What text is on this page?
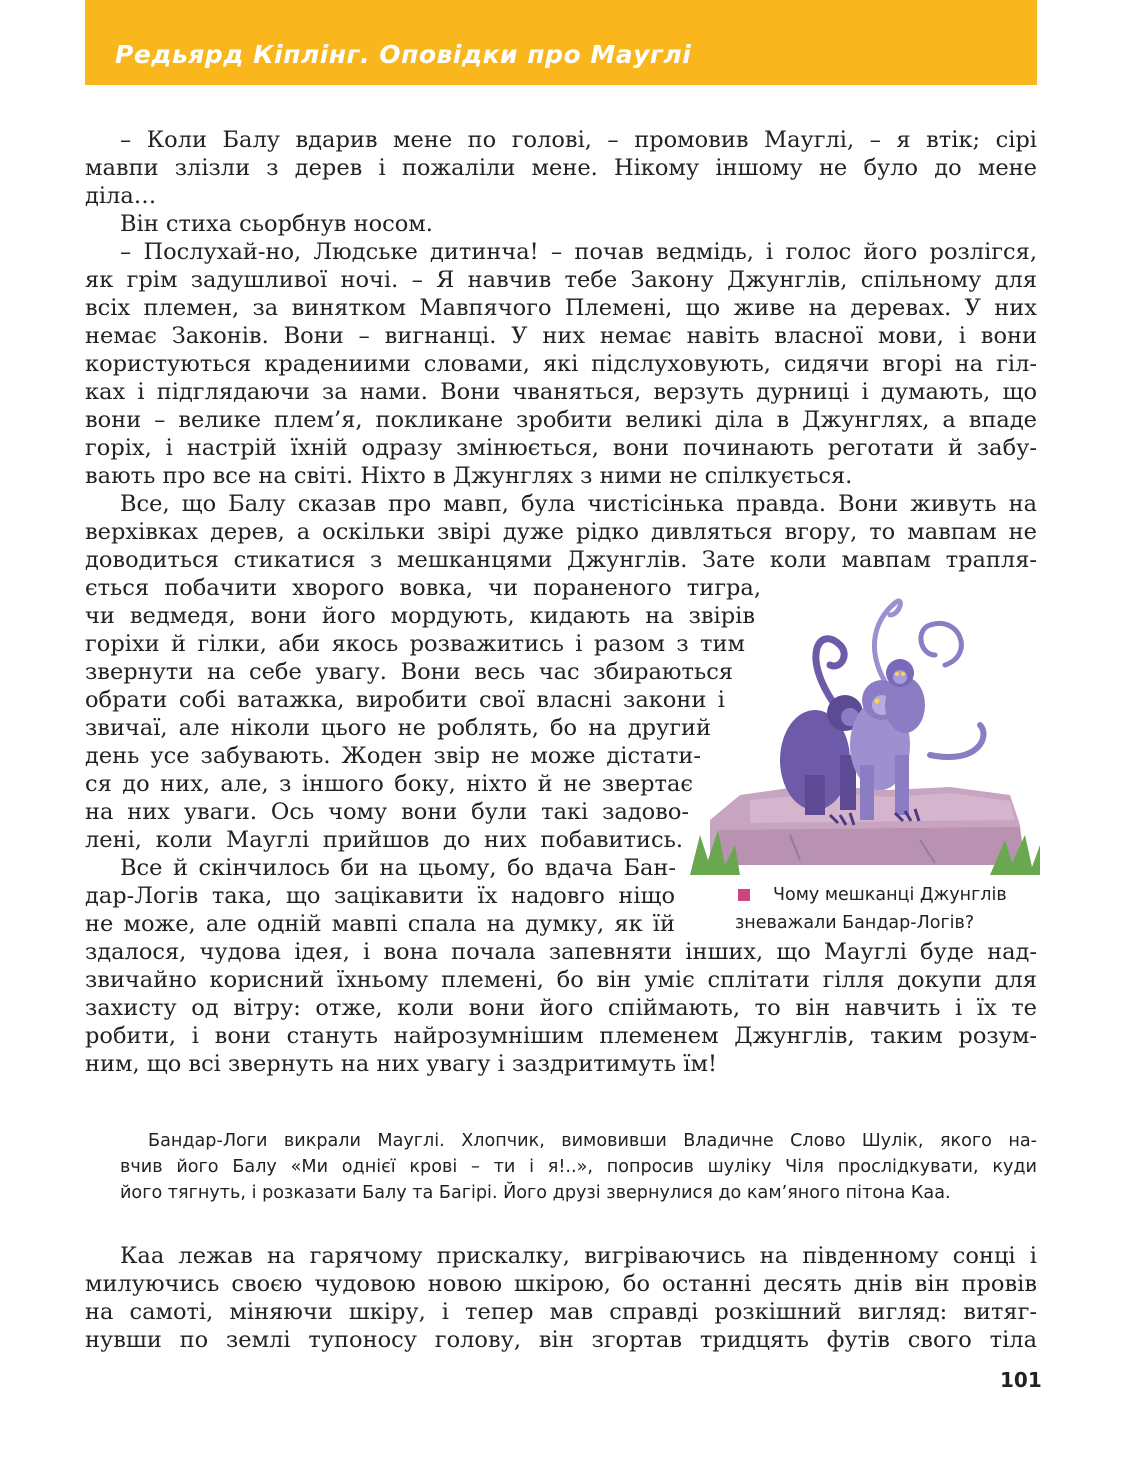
Редьярд Кіплінг. Оповідки про Мауглі
– Коли Балу вдарив мене по голові, – промовив Мауглі, – я втік; сірі
мавпи злізли з дерев і пожаліли мене. Нікому іншому не було до мене
діла…
Він стиха сьорбнув носом.
– Послухай-но, Людське дитинча! – почав ведмідь, і голос його розлігся,
як грім задушливої ночі. – Я навчив тебе Закону Джунглів, спільному для
всіх племен, за винятком Мавпячого Племені, що живе на деревах. У них
немає Законів. Вони – вигнанці. У них немає навіть власної мови, і вони
користуються крадениими словами, які підслуховують, сидячи вгорі на гіл-
ках і підглядаючи за нами. Вони чваняться, верзуть дурниці і думають, що
вони – велике плем’я, покликане зробити великі діла в Джунглях, а впаде
горіх, і настрій їхній одразу змінюється, вони починають реготати й забу-
вають про все на світі. Ніхто в Джунглях з ними не спілкується.
Все, що Балу сказав про мавп, була чистісінька правда. Вони живуть на
верхівках дерев, а оскільки звірі дуже рідко дивляться вгору, то мавпам не
доводиться стикатися з мешканцями Джунглів. Зате коли мавпам трапля-
ється побачити хворого вовка, чи пораненого тигра,
чи ведмедя, вони його мордують, кидають на звірів
горіхи й гілки, аби якось розважитись і разом з тим
звернути на себе увагу. Вони весь час збираються
обрати собі ватажка, виробити свої власні закони і
звичаї, але ніколи цього не роблять, бо на другий
день усе забувають. Жоден звір не може дістати-
ся до них, але, з іншого боку, ніхто й не звертає
на них уваги. Ось чому вони були такі задово-
лені, коли Мауглі прийшов до них побавитись.
Все й скінчилось би на цьому, бо вдача Бан-
дар-Логів така, що зацікавити їх надовго ніщо
не може, але одній мавпі спала на думку, як їй
здалося, чудова ідея, і вона почала запевняти інших, що Мауглі буде над-
звичайно корисний їхньому племені, бо він уміє сплітати гілля докупи для
захисту од вітру: отже, коли вони його спіймають, то він навчить і їх те
робити, і вони стануть найрозумнішим племенем Джунглів, таким розум-
ним, що всі звернуть на них увагу і заздритимуть їм!
Чому мешканці Джунглів
зневажали Бандар-Логів?
Бандар-Логи викрали Мауглі. Хлопчик, вимовивши Владичне Слово Шулік, якого на-
вчив його Балу «Ми однієї крові – ти і я!..», попросив шуліку Чіля прослідкувати, куди
його тягнуть, і розказати Балу та Багірі. Його друзі звернулися до кам’яного пітона Каа.
Каа лежав на гарячому прискалку, вигріваючись на південному сонці і
милуючись своєю чудовою новою шкірою, бо останні десять днів він провів
на самоті, міняючи шкіру, і тепер мав справді розкішний вигляд: витяг-
нувши по землі тупоносу голову, він згортав тридцять футів свого тіла
101
